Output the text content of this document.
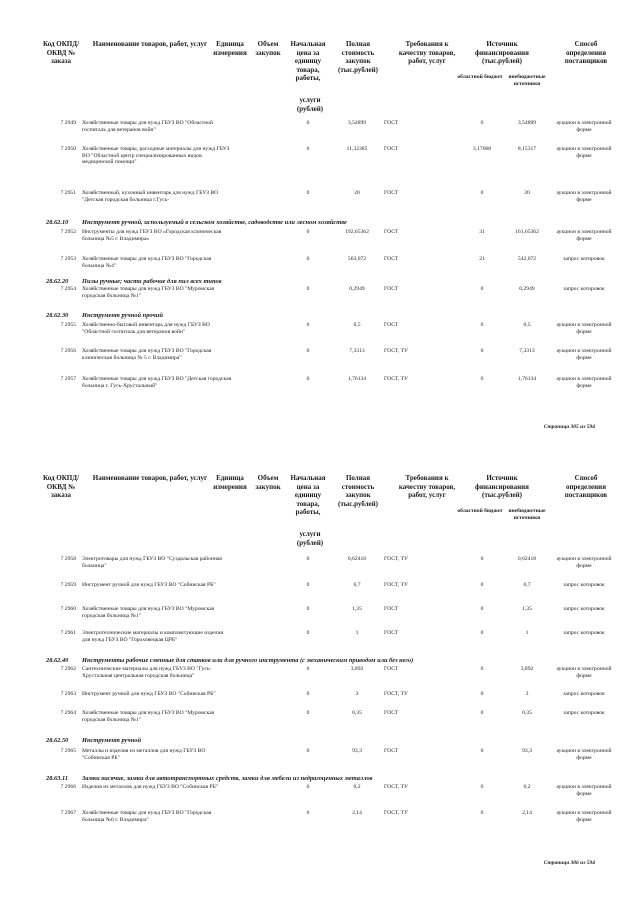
Код ОКПД/ ОКВД № заказа
Наименование товаров, работ, услуг	Единица измерения
Объем закупок
Начальная цена за единицу товара, работы,
услуги (рублей)
Полная стоимость закупок (тыс.рублей)
Требования к качеству товаров, работ, услуг
Источник финансирования (тыс.рублей)
областной бюджет	внебюджетные источники
Способ определения поставщиков
7 2949 Хозяйственные товары для нужд ГБУЗ ВО "Областной госпиталь для ветеранов войн"
0	3,54899	ГОСТ	0	3,54899	аукцион в электронной форме
7 2950 Хозяйственные товары, расходные материалы для нужд ГБУЗ ВО "Областной центр специализированных видов медицинской помощи"
0	11,32385	ГОСТ	3,17068	8,15317	аукцион в электронной форме
7 2951 Хозяйственный, кухонный инвентарь для нужд ГБУЗ ВО "Детская городская больница г.Гусь-
0	20	ГОСТ	0	20	аукцион в электронной форме
28.62.10 Инструмент ручной, используемый в сельском хозяйстве, садоводстве или лесном хозяйстве
7 2952 Инструменты для нужд ГБУЗ ВО «Городская клиническая больница №5 г. Владимира»
0	192,65362	ГОСТ	31	161,65362	аукцион в электронной форме
7 2953 Хозяйственные товары для нужд ГБУЗ ВО "Городская больница №4"
0	563,072	ГОСТ	21	542,072	запрос котировок
28.62.20 Пилы ручные; части рабочие для пил всех типов
7 2954 Хозяйственные товары для нужд ГБУЗ ВО "Муромская городская больница №1"
0	0,2949	ГОСТ	0	0,2949	запрос котировок
28.62.30 Инструмент ручной прочий
7 2955 Хозяйственно-бытовой инвентарь для нужд ГБУЗ ВО "Областной госпиталь для ветеранов войн"
0	0,5	ГОСТ	0	0,5	аукцион в электронной форме
7 2956 Хозяйственные товары для нужд ГБУЗ ВО "Городская клиническая больница № 5 г. Владимира"
0	7,3313	ГОСТ, ТУ	0	7,3313	аукцион в электронной форме
7 2957 Хозяйственные товары для нужд ГБУЗ ВО "Детская городская больница г. Гусь-Хрустальный"
0	1,76134	ГОСТ, ТУ	0	1,76134	аукцион в электронной форме
Страница 305 из 594
Код ОКПД/ ОКВД № заказа
Наименование товаров, работ, услуг	Единица измерения
Объем закупок
Начальная цена за единицу товара, работы,
услуги (рублей)
Полная стоимость закупок (тыс.рублей)
Требования к качеству товаров, работ, услуг
Источник финансирования (тыс.рублей)
областной бюджет	внебюджетные источники
Способ определения поставщиков
7 2958 Электротовары для нужд ГБУЗ ВО "Суздальская районная больница"
0	0,62418	ГОСТ, ТУ	0	0,62418	аукцион в электронной форме
7 2959 Инструмент ручной для нужд ГБУЗ ВО "Собинская РБ"	0	6,7	ГОСТ, ТУ	0	6,7	запрос котировок
7 2960 Хозяйственные товары для нужд ГБУЗ ВО "Муромская городская больница №1"
0	1,35	ГОСТ	0	1,35	запрос котировок
7 2961 Электротехнические материалы и комплектующие изделия для нужд ГБУЗ ВО "Гороховецкая ЦРБ"
0	1	ГОСТ	0	1	запрос котировок
28.62.40 Инструменты рабочие сменные для станков или для ручного инструмента (с механическим приводом или без него)
7 2962 Сантехнические материалы для нужд ГБУЗ ВО "Гусь-Хрустальная центральная городская больница"
0	3,892	ГОСТ	0	3,892	аукцион в электронной форме
7 2963 Инструмент ручной для нужд ГБУЗ ВО "Собинская РБ"	0	3	ГОСТ, ТУ	0	3	запрос котировок
7 2964 Хозяйственные товары для нужд ГБУЗ ВО "Муромская городская больница №1"
0	0,35	ГОСТ	0	0,35	запрос котировок
28.62.50 Инструмент ручной
7 2965 Металлы и изделия из металлов для нужд ГБУЗ ВО "Собинская РБ"
0	93,3	ГОСТ	0	93,3	аукцион в электронной форме
28.63.11 Замки висячие, замки для автотранспортных средств, замки для мебели из недрагоценных металлов
7 2966 Изделия из металлов для нужд ГБУЗ ВО "Собинская РБ"	0	0,2	ГОСТ, ТУ	0	0,2	аукцион в электронной форме
7 2967 Хозяйственные товары для нужд ГБУЗ ВО "Городская больница №6 г. Владимира"
0	2,14	ГОСТ, ТУ	0	2,14	аукцион в электронной форме
Страница 306 из 594
